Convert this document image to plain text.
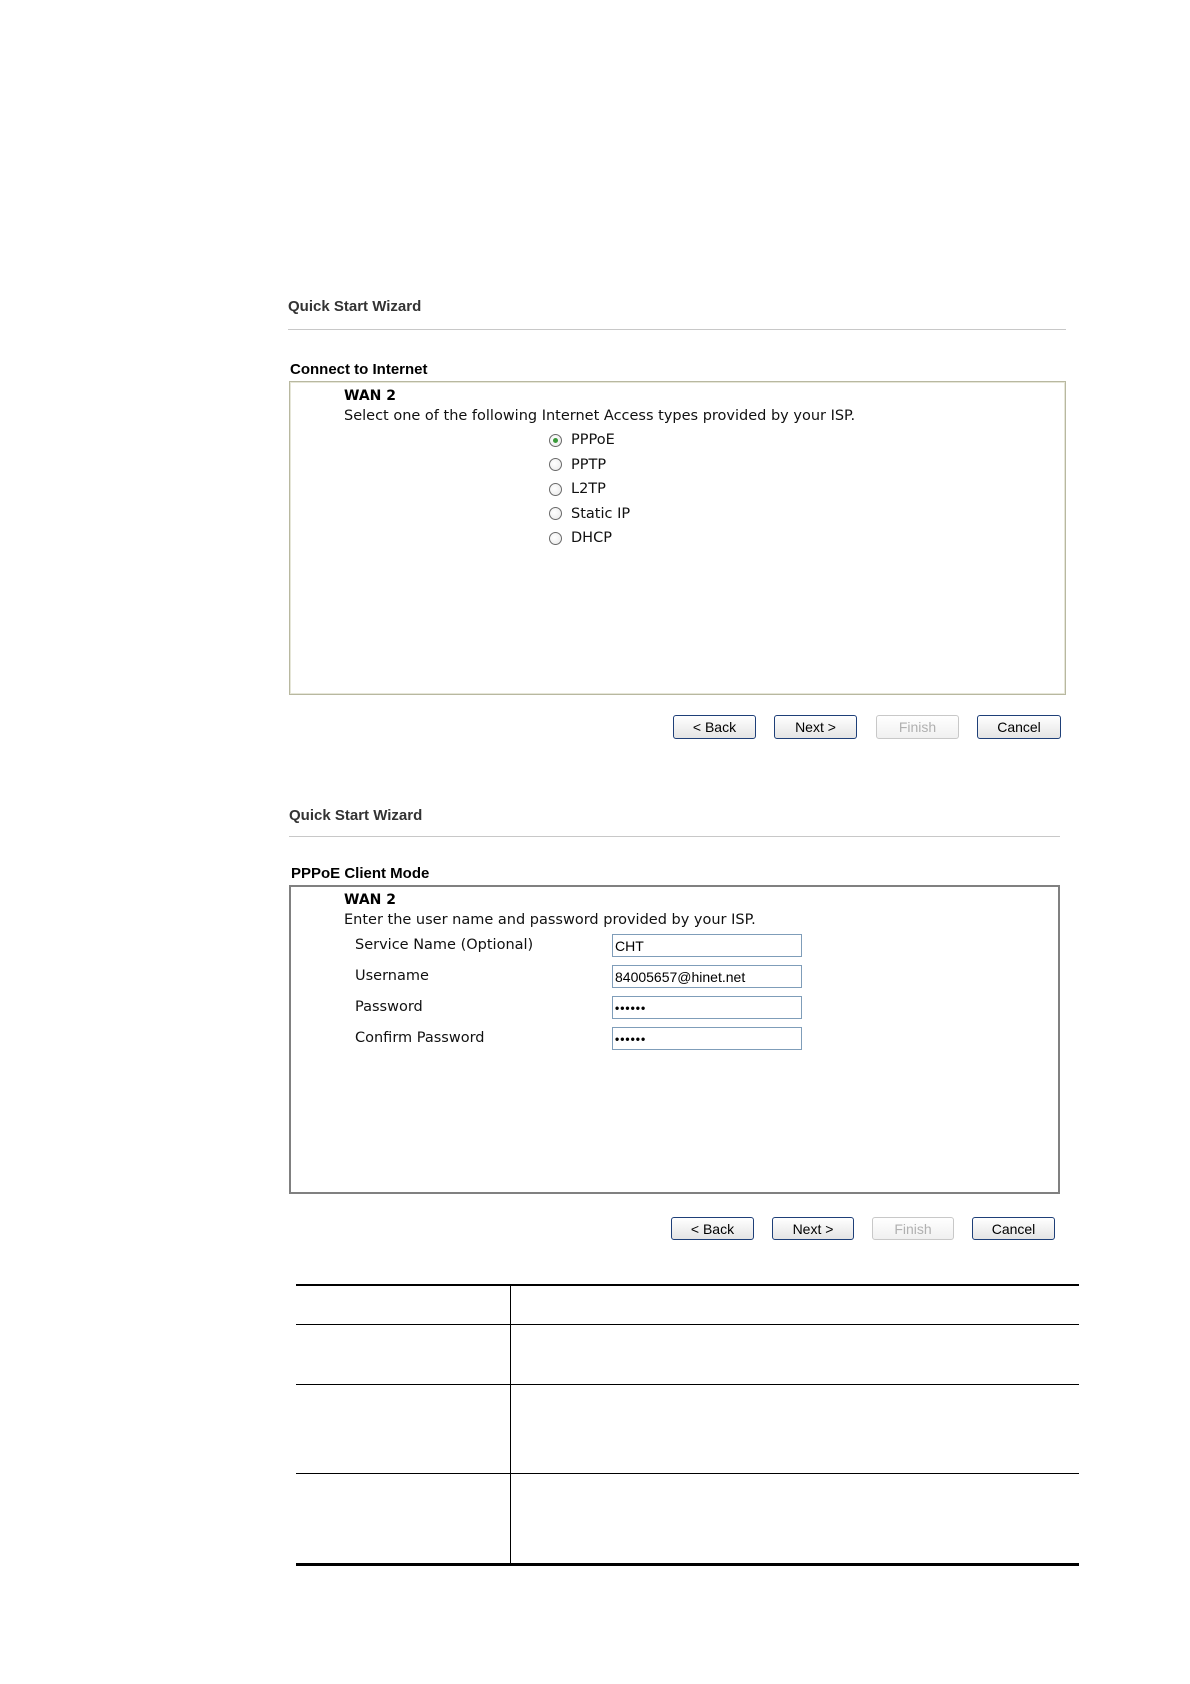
Quick Start Wizard
Connect to Internet
WAN 2
Select one of the following Internet Access types provided by your ISP.
PPPoE
PPTP
L2TP
Static IP
DHCP
< Back	Next >	Finish	Cancel
Quick Start Wizard
PPPoE Client Mode
WAN 2
Enter the user name and password provided by your ISP.
Service Name (Optional)	CHT
Username	84005657@hinet.net
Password	••••••
Confirm Password	••••••
< Back	Next >	Finish	Cancel
